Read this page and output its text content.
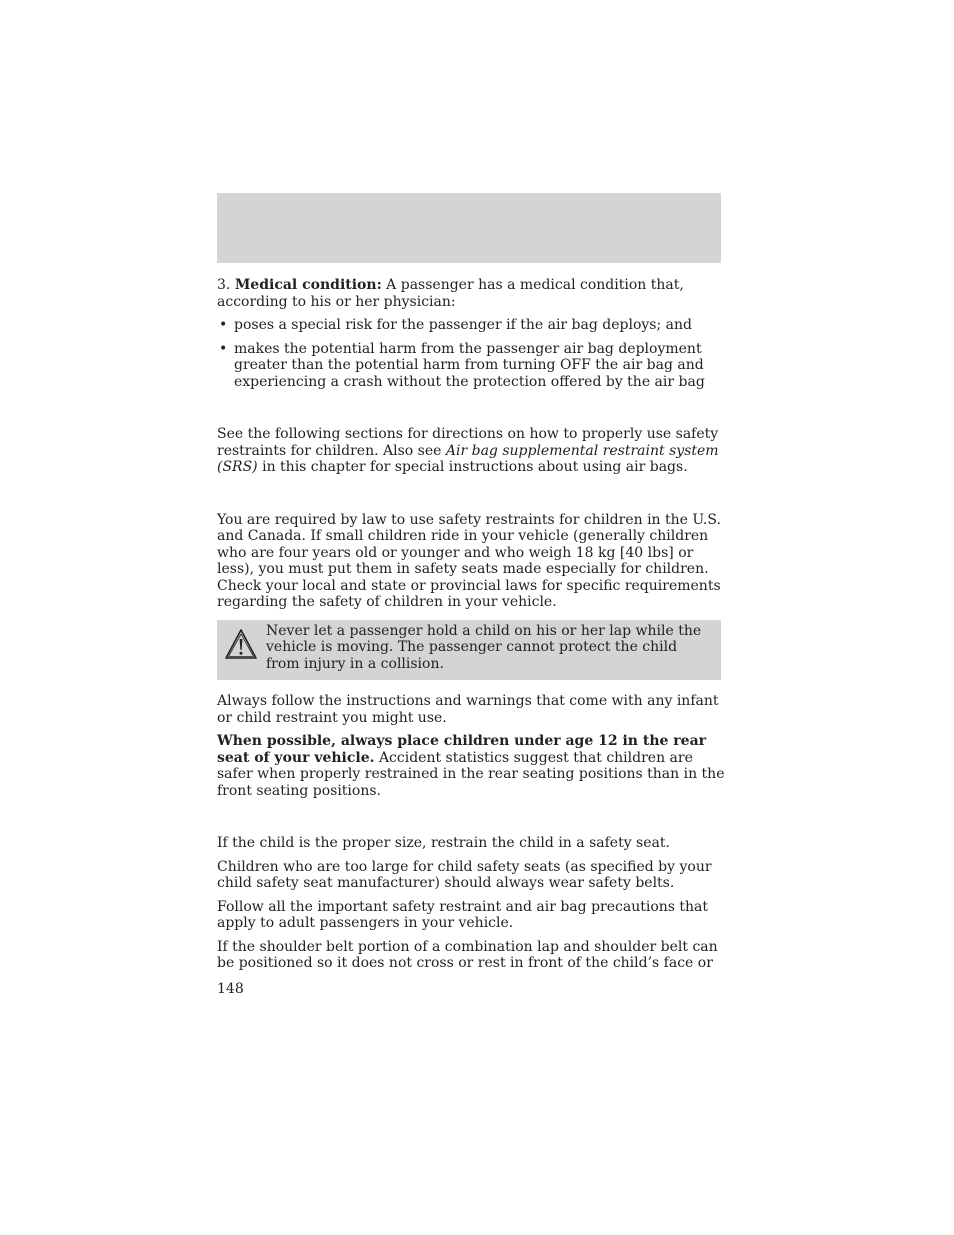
3. Medical condition: A passenger has a medical condition that, according to his or her physician:

• poses a special risk for the passenger if the air bag deploys; and
• makes the potential harm from the passenger air bag deployment greater than the potential harm from turning OFF the air bag and experiencing a crash without the protection offered by the air bag

See the following sections for directions on how to properly use safety restraints for children. Also see Air bag supplemental restraint system (SRS) in this chapter for special instructions about using air bags.

You are required by law to use safety restraints for children in the U.S. and Canada. If small children ride in your vehicle (generally children who are four years old or younger and who weigh 18 kg [40 lbs] or less), you must put them in safety seats made especially for children. Check your local and state or provincial laws for specific requirements regarding the safety of children in your vehicle.

Never let a passenger hold a child on his or her lap while the vehicle is moving. The passenger cannot protect the child from injury in a collision.

Always follow the instructions and warnings that come with any infant or child restraint you might use.

When possible, always place children under age 12 in the rear seat of your vehicle. Accident statistics suggest that children are safer when properly restrained in the rear seating positions than in the front seating positions.

If the child is the proper size, restrain the child in a safety seat.

Children who are too large for child safety seats (as specified by your child safety seat manufacturer) should always wear safety belts.

Follow all the important safety restraint and air bag precautions that apply to adult passengers in your vehicle.

If the shoulder belt portion of a combination lap and shoulder belt can be positioned so it does not cross or rest in front of the child’s face or

148
